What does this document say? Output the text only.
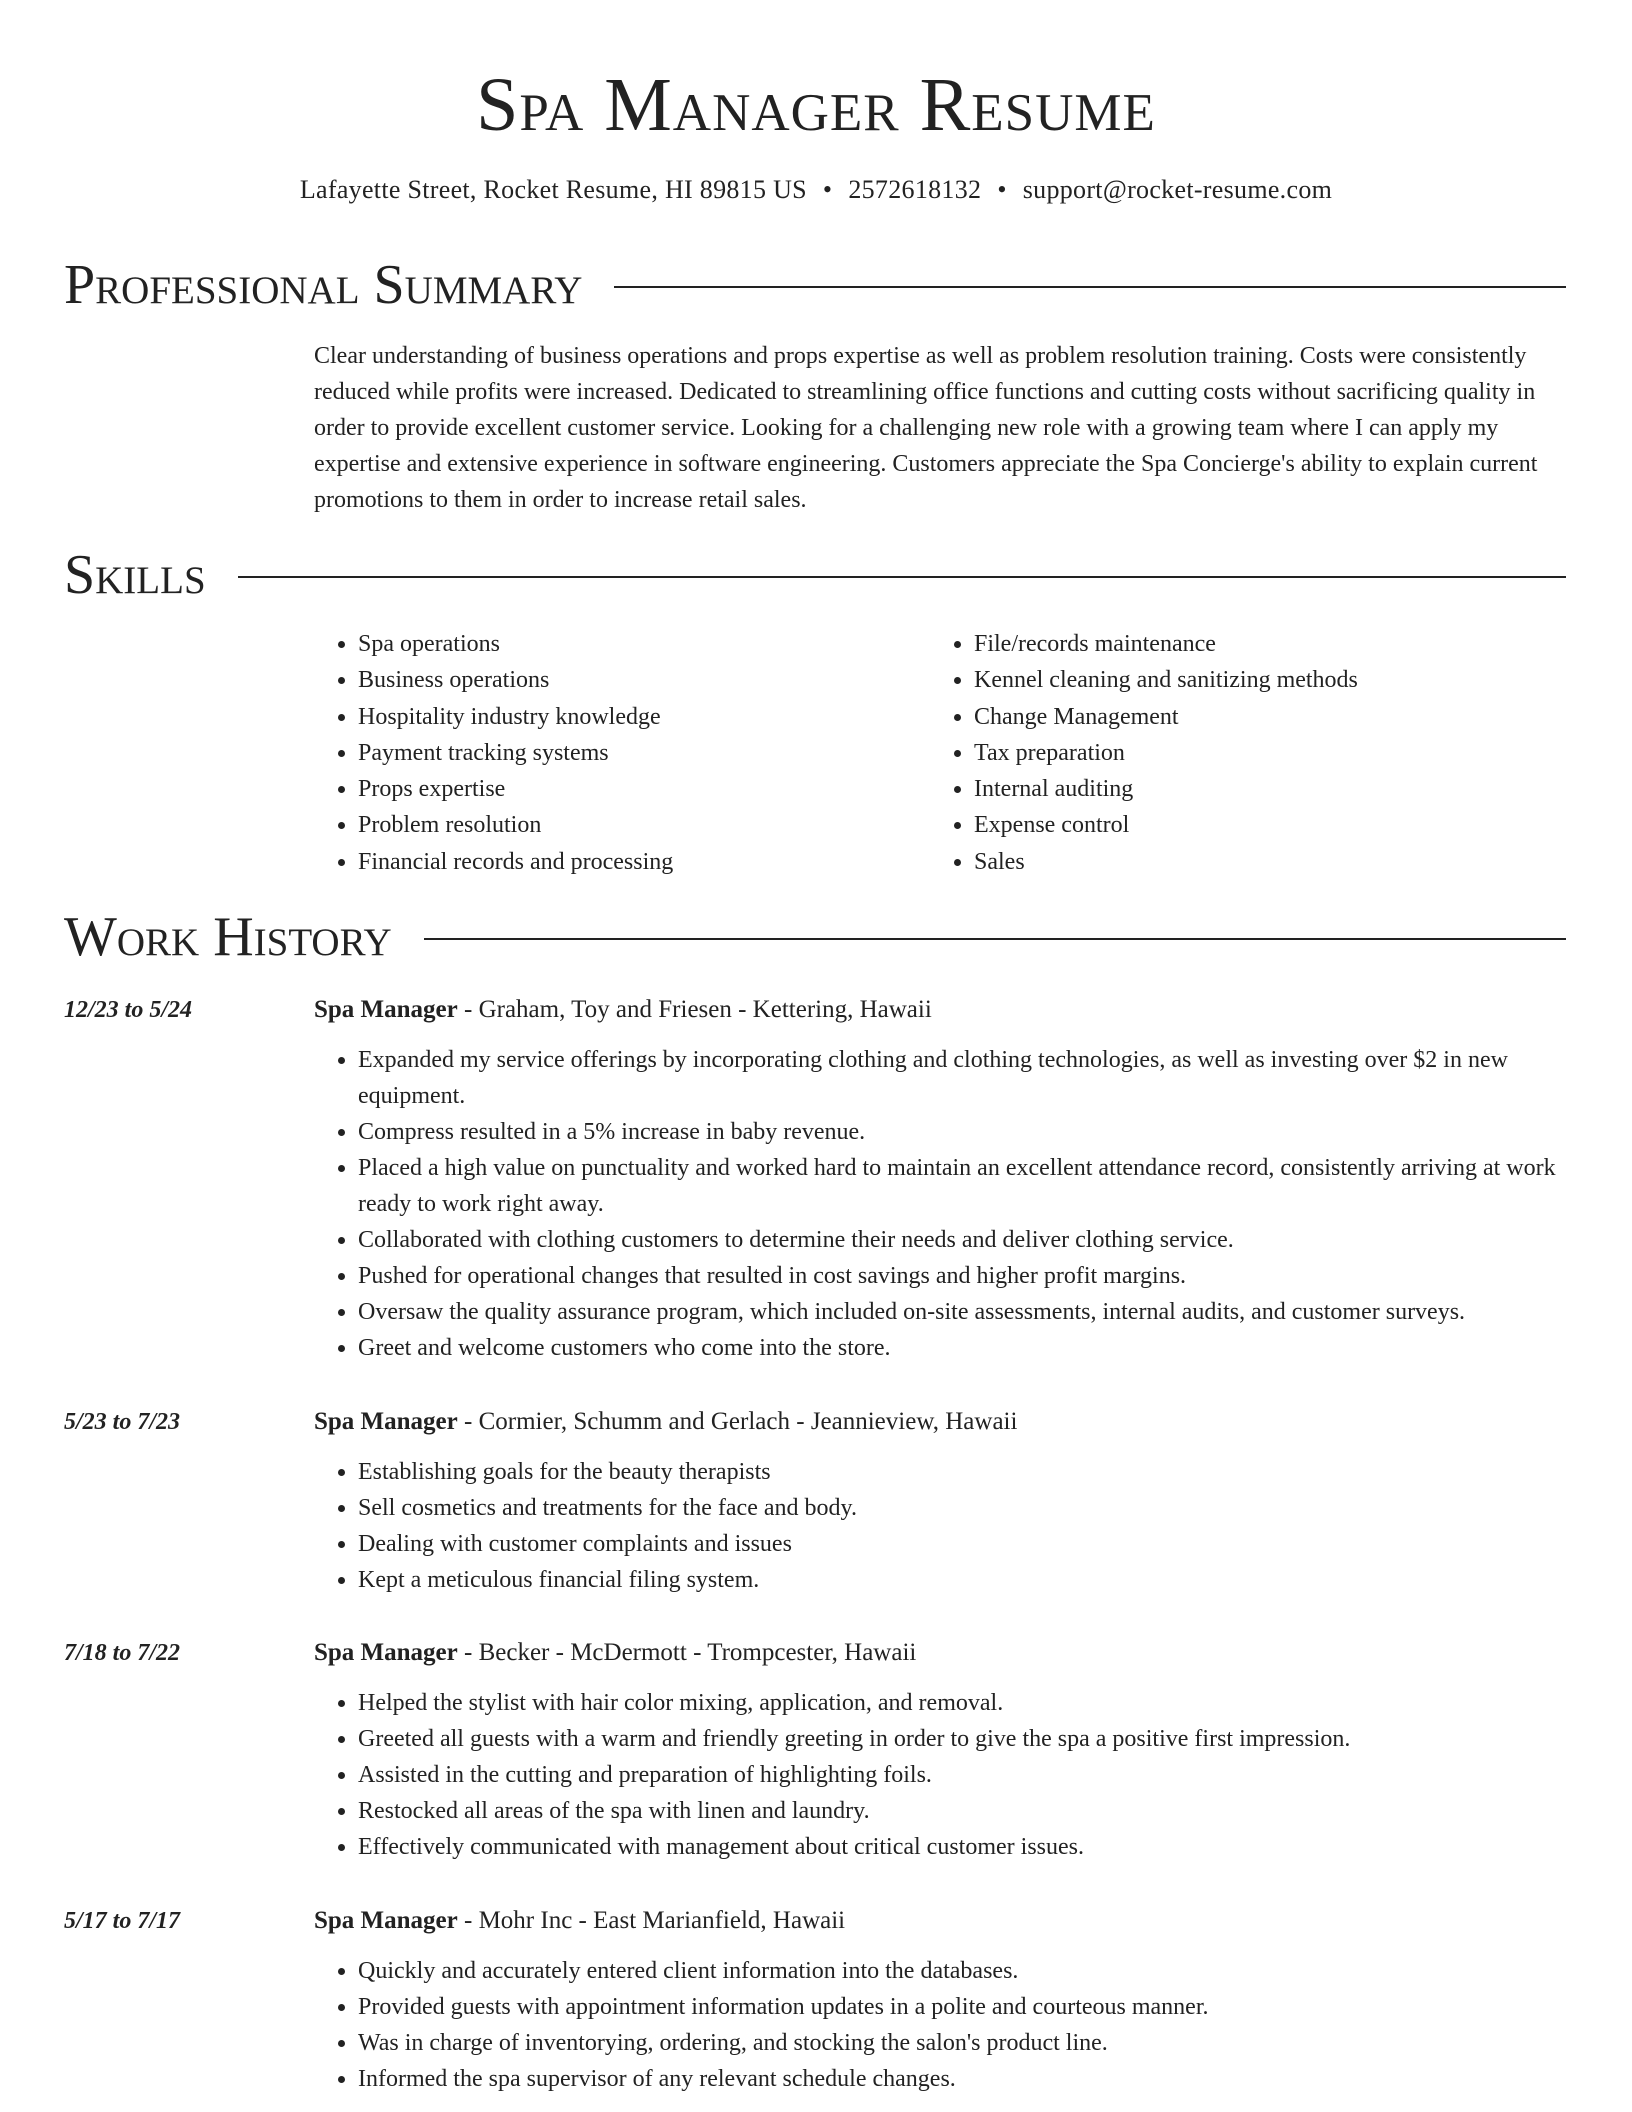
Spa Manager Resume
Lafayette Street, Rocket Resume, HI 89815 US • 2572618132 • support@rocket-resume.com
Professional Summary

Clear understanding of business operations and props expertise as well as problem resolution training. Costs were consistently reduced while profits were increased. Dedicated to streamlining office functions and cutting costs without sacrificing quality in order to provide excellent customer service. Looking for a challenging new role with a growing team where I can apply my expertise and extensive experience in software engineering. Customers appreciate the Spa Concierge's ability to explain current promotions to them in order to increase retail sales.

Skills
• Spa operations
• Business operations
• Hospitality industry knowledge
• Payment tracking systems
• Props expertise
• Problem resolution
• Financial records and processing
• File/records maintenance
• Kennel cleaning and sanitizing methods
• Change Management
• Tax preparation
• Internal auditing
• Expense control
• Sales
Work History
12/23 to 5/24	Spa Manager - Graham, Toy and Friesen - Kettering, Hawaii
• Expanded my service offerings by incorporating clothing and clothing technologies, as well as investing over $2 in new equipment.
• Compress resulted in a 5% increase in baby revenue.
• Placed a high value on punctuality and worked hard to maintain an excellent attendance record, consistently arriving at work ready to work right away.
• Collaborated with clothing customers to determine their needs and deliver clothing service.
• Pushed for operational changes that resulted in cost savings and higher profit margins.
• Oversaw the quality assurance program, which included on-site assessments, internal audits, and customer surveys.
• Greet and welcome customers who come into the store.
5/23 to 7/23	Spa Manager - Cormier, Schumm and Gerlach - Jeannieview, Hawaii
• Establishing goals for the beauty therapists
• Sell cosmetics and treatments for the face and body.
• Dealing with customer complaints and issues
• Kept a meticulous financial filing system.
7/18 to 7/22	Spa Manager - Becker - McDermott - Trompcester, Hawaii
• Helped the stylist with hair color mixing, application, and removal.
• Greeted all guests with a warm and friendly greeting in order to give the spa a positive first impression.
• Assisted in the cutting and preparation of highlighting foils.
• Restocked all areas of the spa with linen and laundry.
• Effectively communicated with management about critical customer issues.
5/17 to 7/17	Spa Manager - Mohr Inc - East Marianfield, Hawaii
• Quickly and accurately entered client information into the databases.
• Provided guests with appointment information updates in a polite and courteous manner.
• Was in charge of inventorying, ordering, and stocking the salon's product line.
• Informed the spa supervisor of any relevant schedule changes.
